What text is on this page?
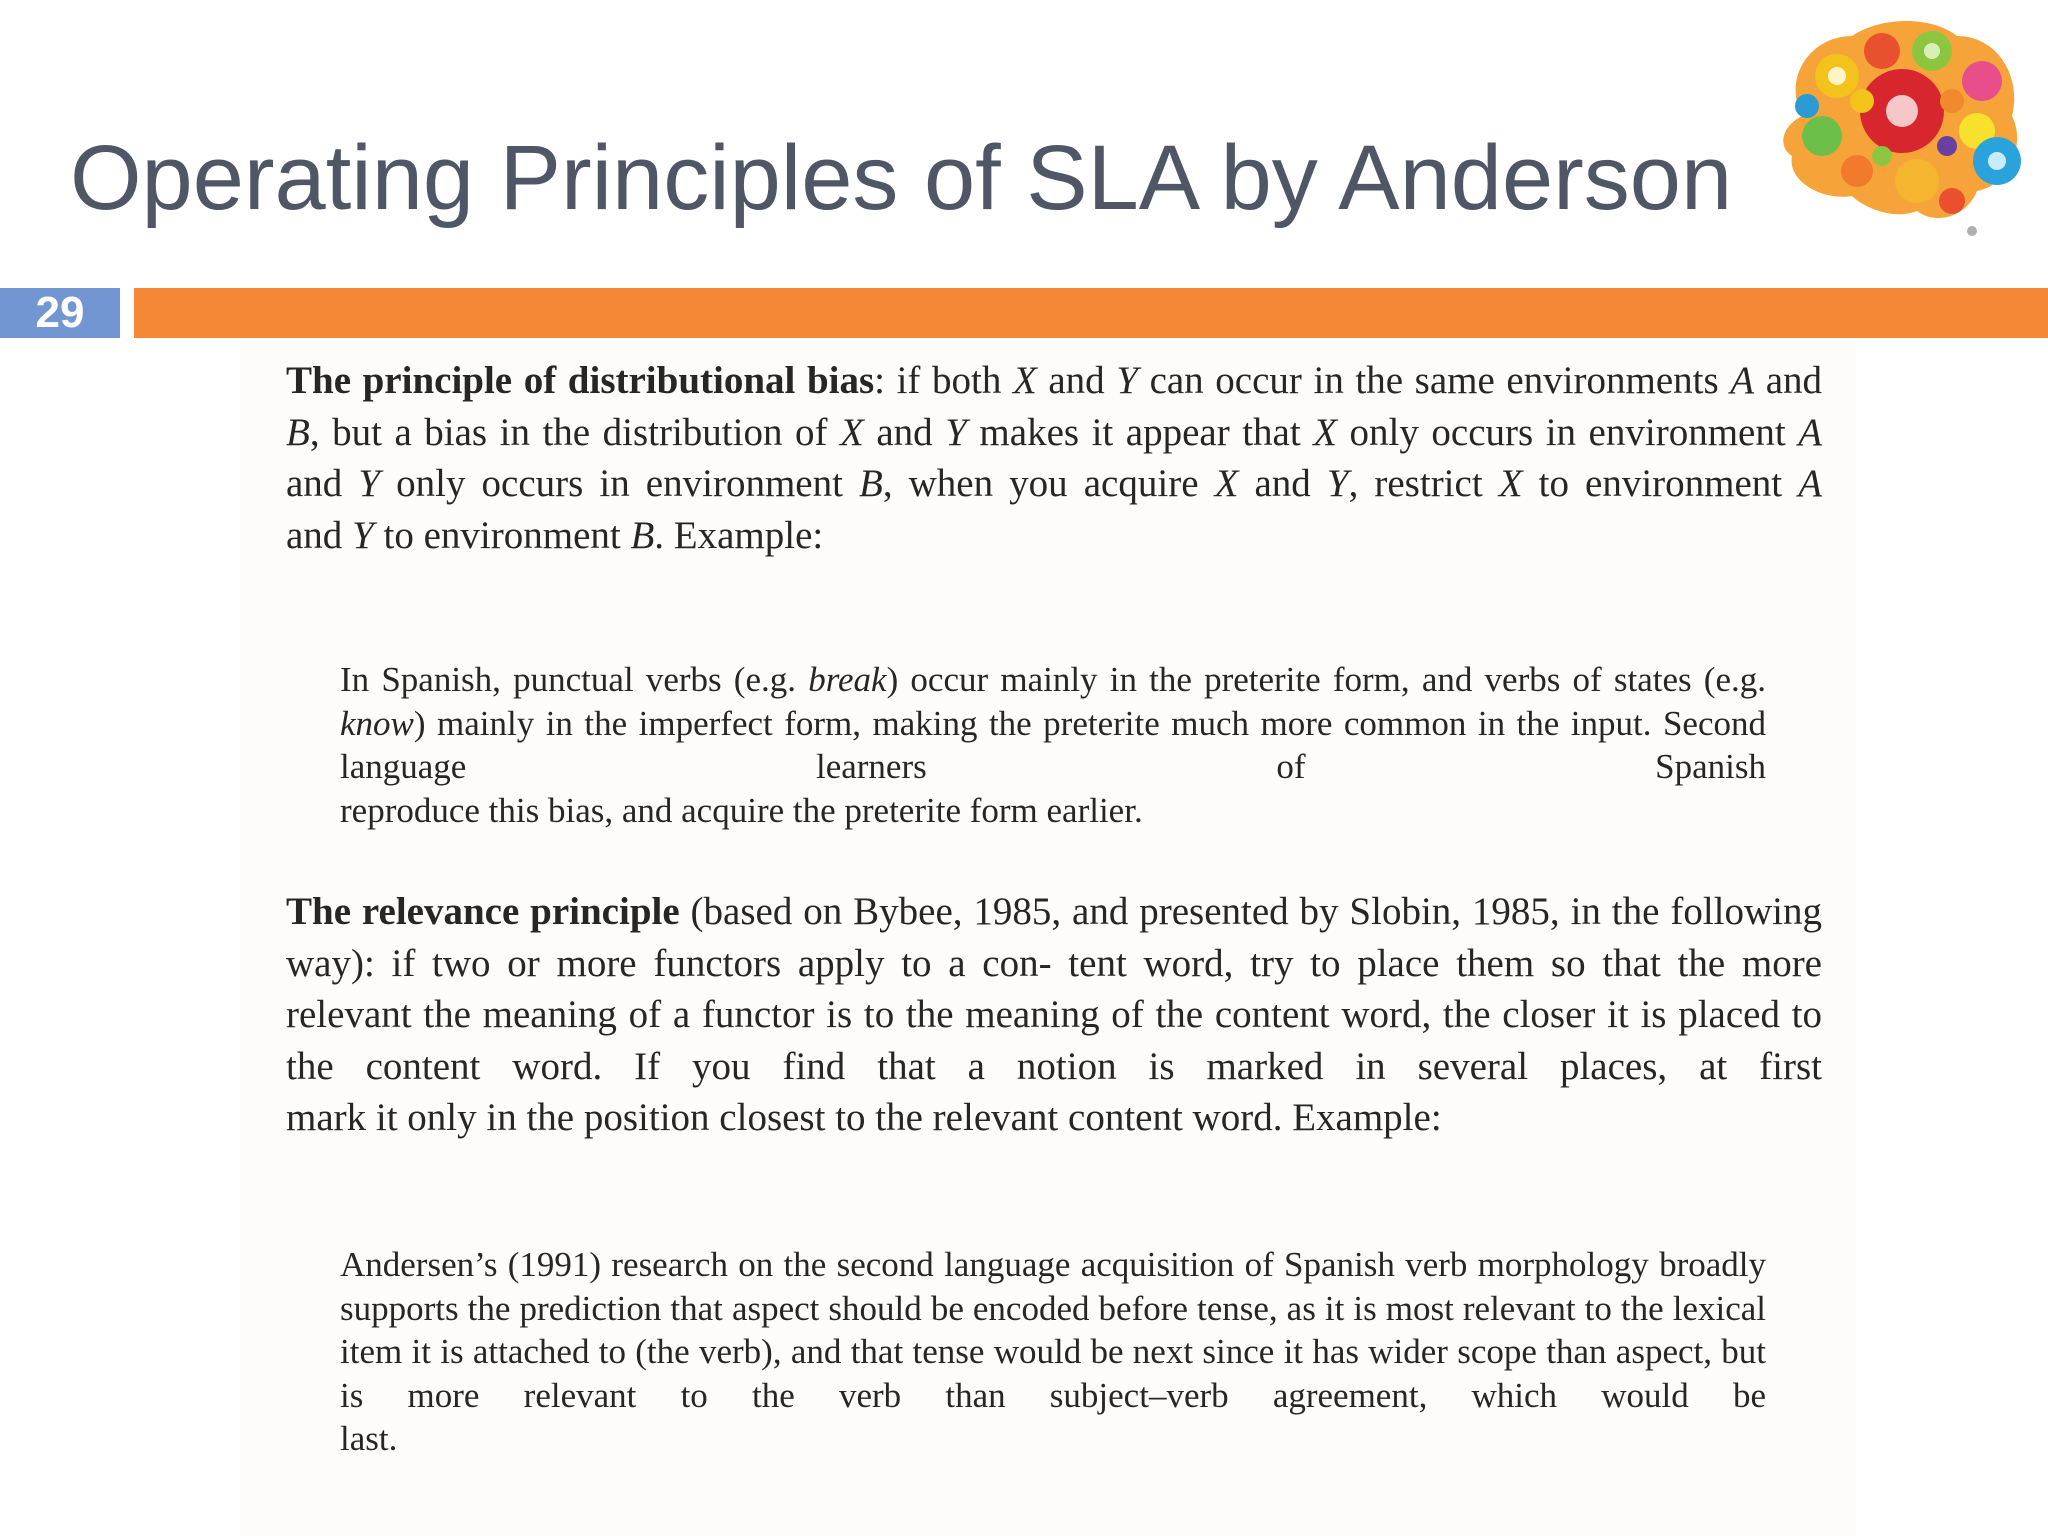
Operating Principles of SLA by Anderson
29

The principle of distributional bias: if both X and Y can occur in the same environments A and B, but a bias in the distribution of X and Y makes it appear that X only occurs in environment A and Y only occurs in environment B, when you acquire X and Y, restrict X to environment A
and Y to environment B. Example:

In Spanish, punctual verbs (e.g. break) occur mainly in the preterite form, and verbs of states (e.g. know) mainly in the imperfect form, making the preterite much more common in the input. Second language learners of Spanish
reproduce this bias, and acquire the preterite form earlier.

The relevance principle (based on Bybee, 1985, and presented by Slobin, 1985, in the following way): if two or more functors apply to a con- tent word, try to place them so that the more relevant the meaning of a functor is to the meaning of the content word, the closer it is placed to the content word. If you find that a notion is marked in several places, at first
mark it only in the position closest to the relevant content word. Example:

Andersen’s (1991) research on the second language acquisition of Spanish verb morphology broadly supports the prediction that aspect should be encoded before tense, as it is most relevant to the lexical item it is attached to (the verb), and that tense would be next since it has wider scope than aspect, but is more relevant to the verb than subject–verb agreement, which would be
last.
